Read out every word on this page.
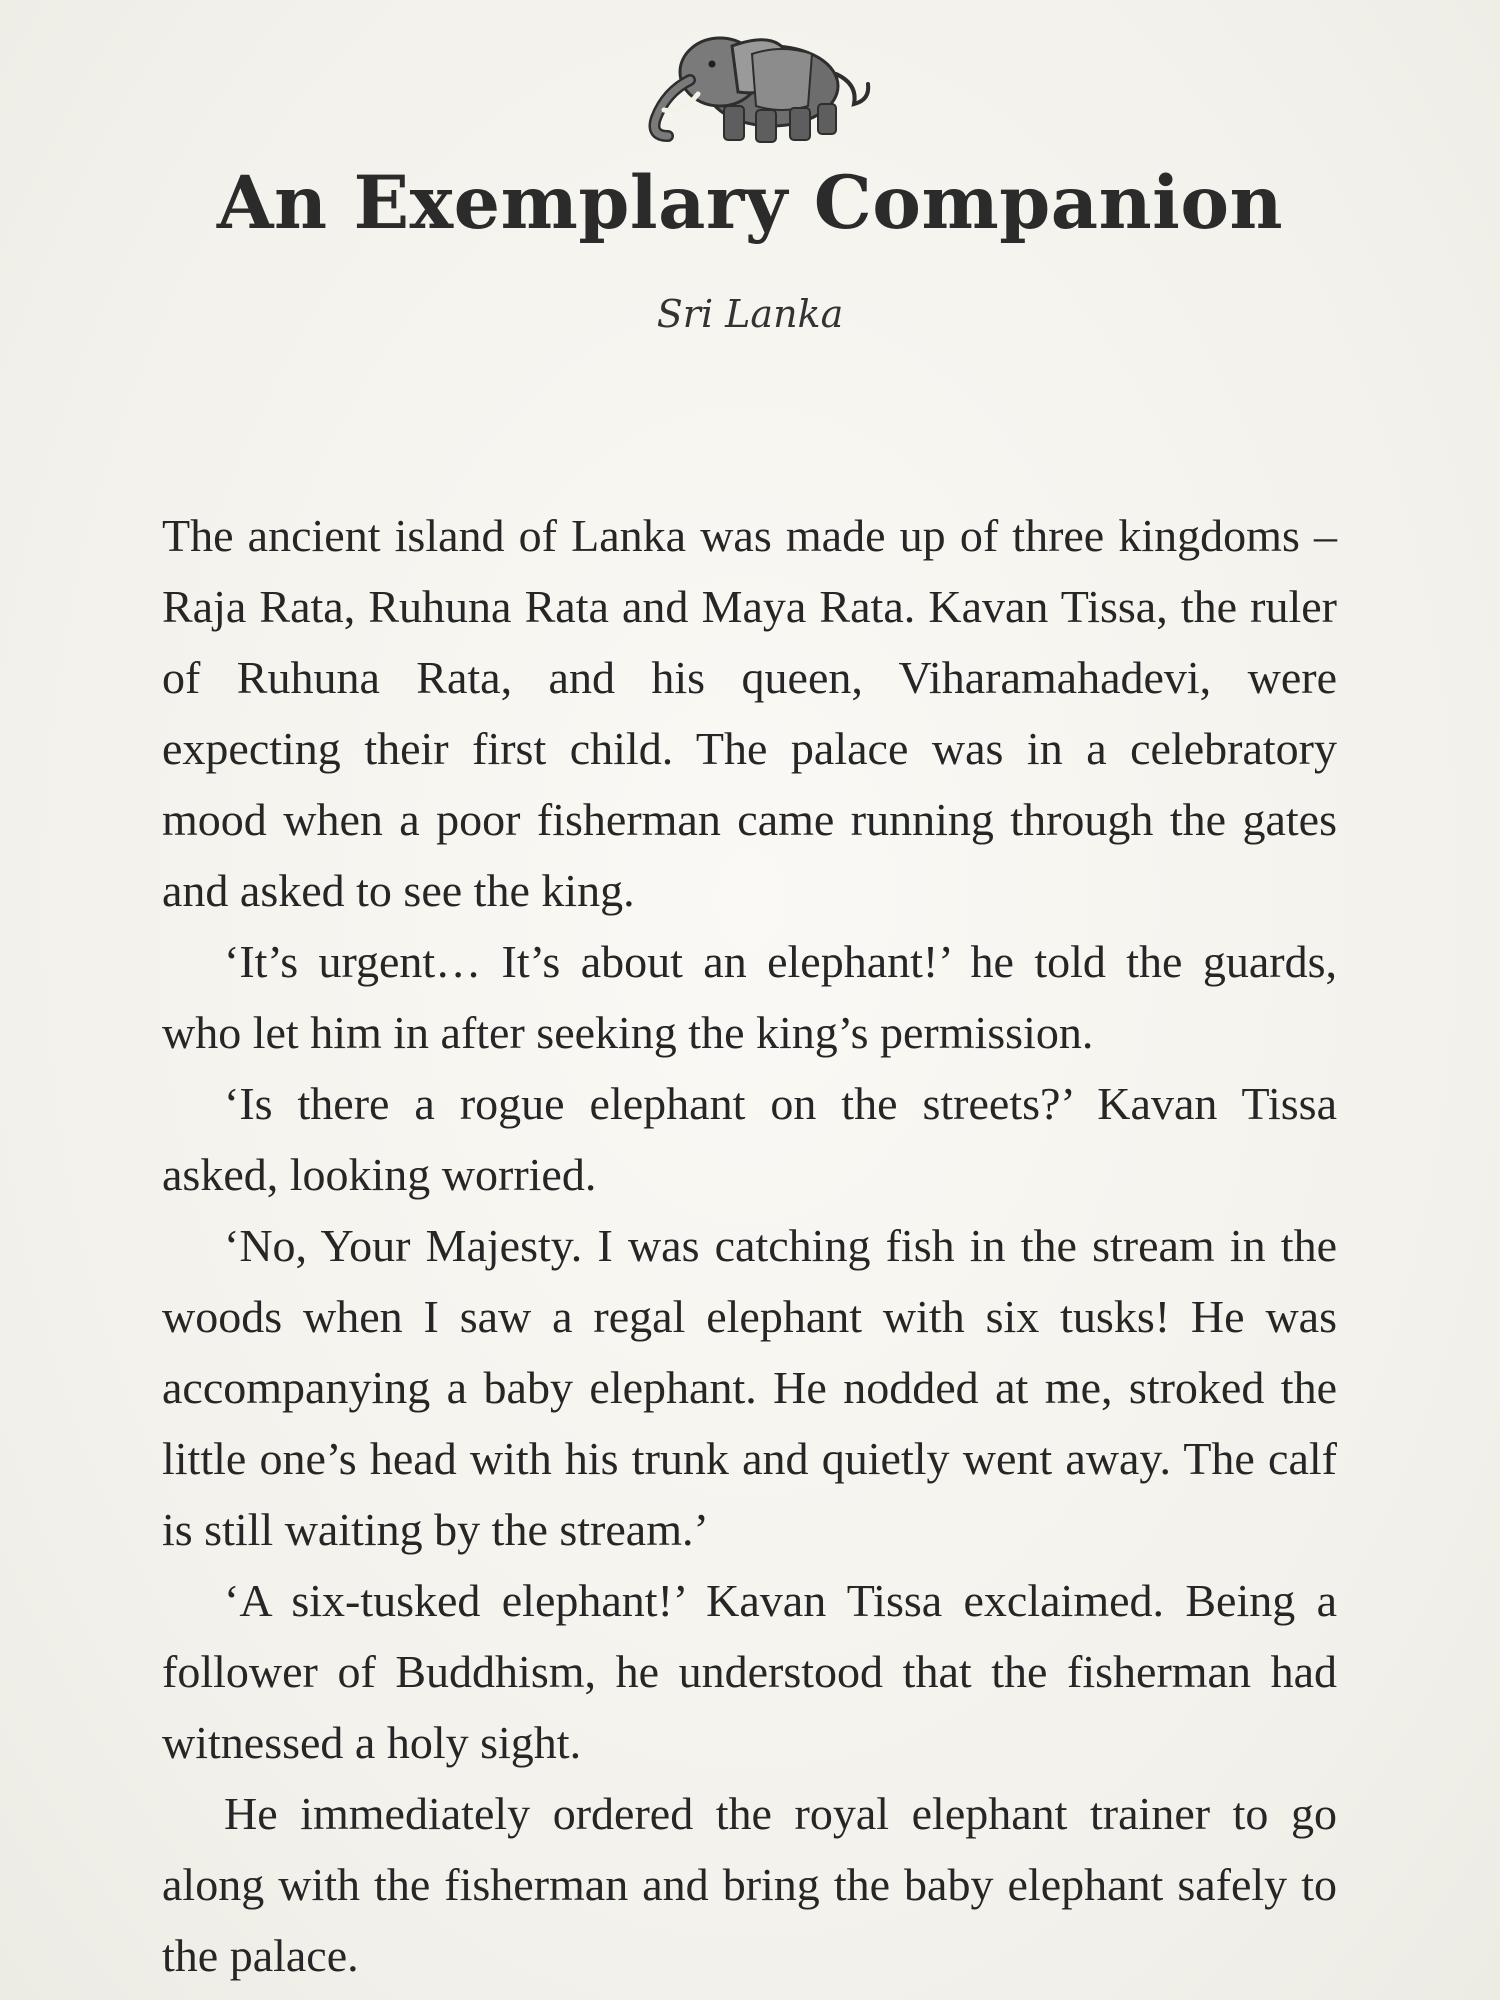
An Exemplary Companion
Sri Lanka

The ancient island of Lanka was made up of three kingdoms – Raja Rata, Ruhuna Rata and Maya Rata. Kavan Tissa, the ruler of Ruhuna Rata, and his queen, Viharamahadevi, were expecting their first child. The palace was in a celebratory mood when a poor fisherman came running through the gates and asked to see the king.

‘It’s urgent… It’s about an elephant!’ he told the guards, who let him in after seeking the king’s permission.

‘Is there a rogue elephant on the streets?’ Kavan Tissa asked, looking worried.

‘No, Your Majesty. I was catching fish in the stream in the woods when I saw a regal elephant with six tusks! He was accompanying a baby elephant. He nodded at me, stroked the little one’s head with his trunk and quietly went away. The calf is still waiting by the stream.’

‘A six-tusked elephant!’ Kavan Tissa exclaimed. Being a follower of Buddhism, he understood that the fisherman had witnessed a holy sight.

He immediately ordered the royal elephant trainer to go along with the fisherman and bring the baby elephant safely to the palace.
